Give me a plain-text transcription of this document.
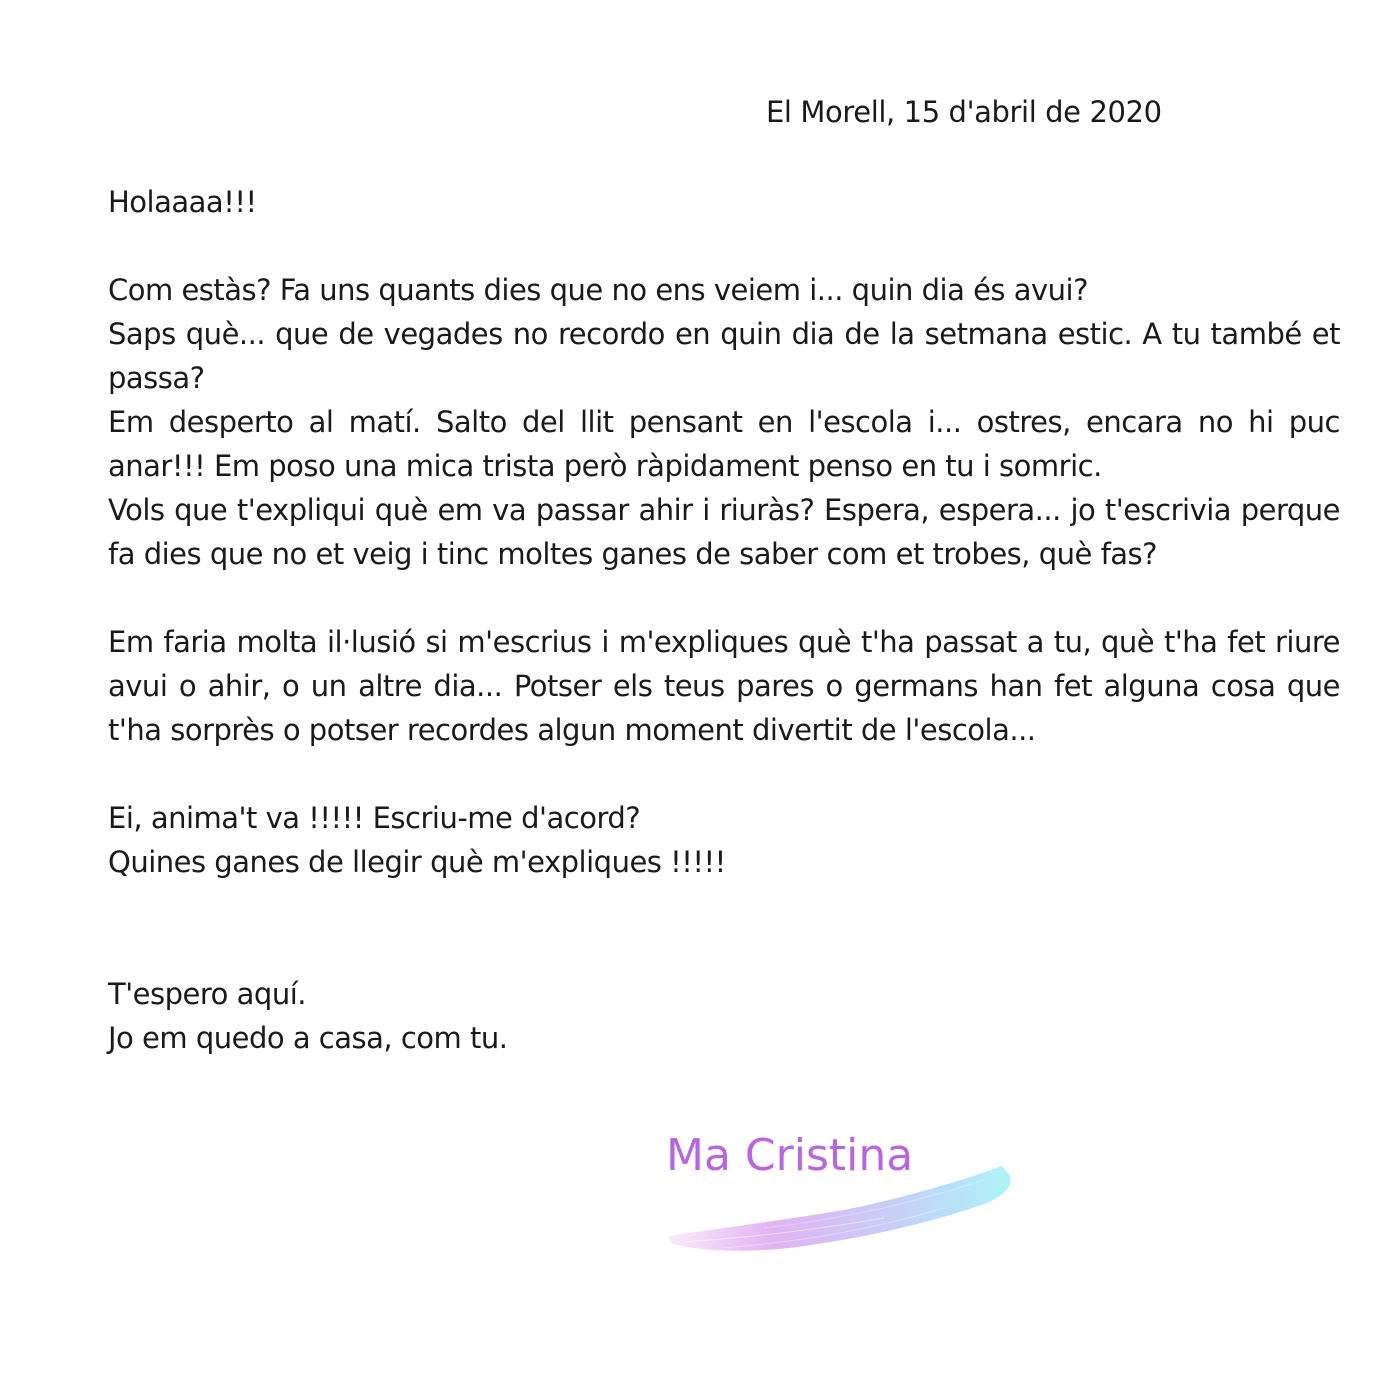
El Morell, 15 d'abril de 2020

Holaaaa!!!

Com estàs? Fa uns quants dies que no ens veiem i... quin dia és avui?

Saps què... que de vegades no recordo en quin dia de la setmana estic. A tu també et passa?

Em desperto al matí. Salto del llit pensant en l'escola i... ostres, encara no hi puc anar!!! Em poso una mica trista però ràpidament penso en tu i somric.

Vols que t'expliqui què em va passar ahir i riuràs? Espera, espera... jo t'escrivia perque fa dies que no et veig i tinc moltes ganes de saber com et trobes, què fas?

Em faria molta il·lusió si m'escrius i m'expliques què t'ha passat a tu, què t'ha fet riure avui o ahir, o un altre dia... Potser els teus pares o germans han fet alguna cosa que t'ha sorprès o potser recordes algun moment divertit de l'escola...

Ei, anima't va !!!!! Escriu-me d'acord?

Quines ganes de llegir què m'expliques !!!!!

T'espero aquí.

Jo em quedo a casa, com tu.

Ma Cristina
